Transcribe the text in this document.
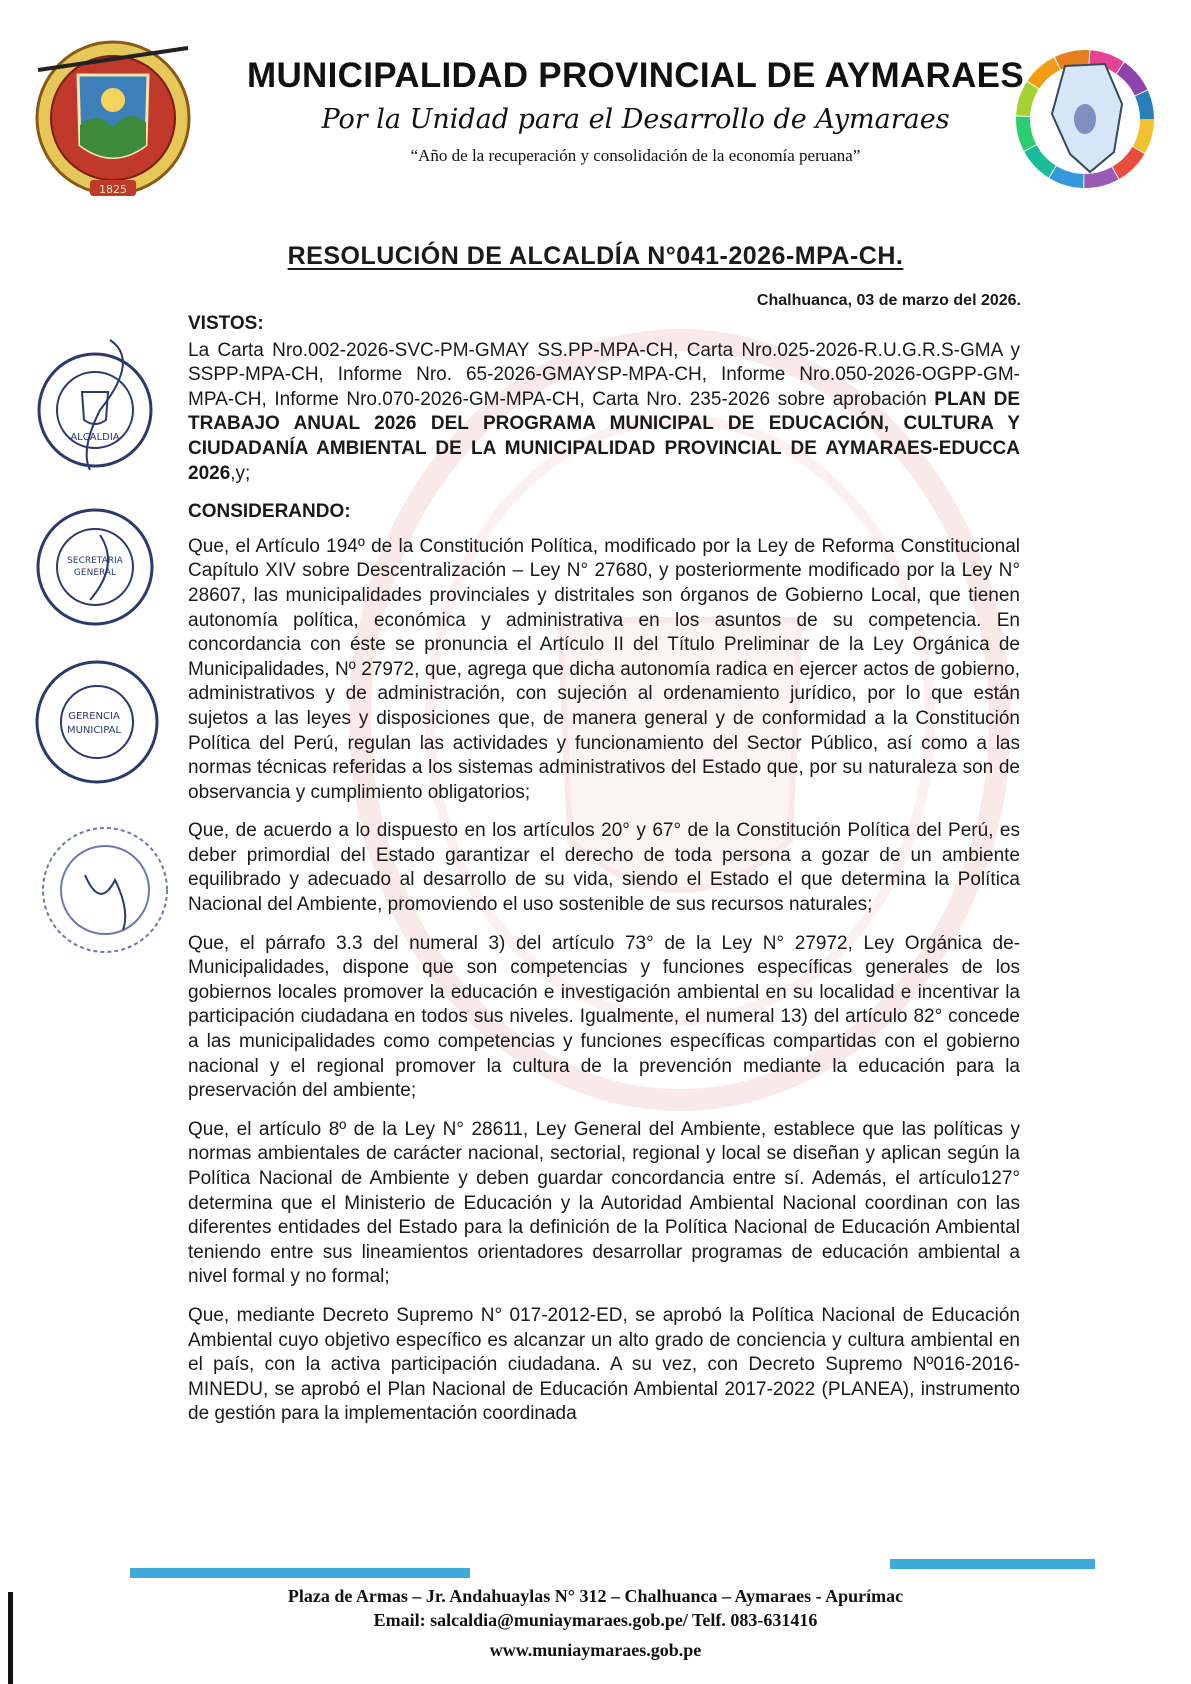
1825
MUNICIPALIDAD PROVINCIAL DE AYMARAES
Por la Unidad para el Desarrollo de Aymaraes
“Año de la recuperación y consolidación de la economía peruana”
RESOLUCIÓN DE ALCALDÍA N°041-2026-MPA-CH.
Chalhuanca, 03 de marzo del 2026.
ALCALDIA
SECRETARIA
GENERAL
GERENCIA
MUNICIPAL
VISTOS:

La Carta Nro.002-2026-SVC-PM-GMAY SS.PP-MPA-CH, Carta Nro.025-2026-R.U.G.R.S-GMA y SSPP-MPA-CH, Informe Nro. 65-2026-GMAYSP-MPA-CH, Informe Nro.050-2026-OGPP-GM-MPA-CH, Informe Nro.070-2026-GM-MPA-CH, Carta Nro. 235-2026 sobre aprobación PLAN DE TRABAJO ANUAL 2026 DEL PROGRAMA MUNICIPAL DE EDUCACIÓN, CULTURA Y CIUDADANÍA AMBIENTAL DE LA MUNICIPALIDAD PROVINCIAL DE AYMARAES-EDUCCA 2026,y;

CONSIDERANDO:

Que, el Artículo 194º de la Constitución Política, modificado por la Ley de Reforma Constitucional Capítulo XIV sobre Descentralización – Ley N° 27680, y posteriormente modificado por la Ley N° 28607, las municipalidades provinciales y distritales son órganos de Gobierno Local, que tienen autonomía política, económica y administrativa en los asuntos de su competencia. En concordancia con éste se pronuncia el Artículo II del Título Preliminar de la Ley Orgánica de Municipalidades, Nº 27972, que, agrega que dicha autonomía radica en ejercer actos de gobierno, administrativos y de administración, con sujeción al ordenamiento jurídico, por lo que están sujetos a las leyes y disposiciones que, de manera general y de conformidad a la Constitución Política del Perú, regulan las actividades y funcionamiento del Sector Público, así como a las normas técnicas referidas a los sistemas administrativos del Estado que, por su naturaleza son de observancia y cumplimiento obligatorios;

Que, de acuerdo a lo dispuesto en los artículos 20° y 67° de la Constitución Política del Perú, es deber primordial del Estado garantizar el derecho de toda persona a gozar de un ambiente equilibrado y adecuado al desarrollo de su vida, siendo el Estado el que determina la Política Nacional del Ambiente, promoviendo el uso sostenible de sus recursos naturales;

Que, el párrafo 3.3 del numeral 3) del artículo 73° de la Ley N° 27972, Ley Orgánica de-Municipalidades, dispone que son competencias y funciones específicas generales de los gobiernos locales promover la educación e investigación ambiental en su localidad e incentivar la participación ciudadana en todos sus niveles. Igualmente, el numeral 13) del artículo 82° concede a las municipalidades como competencias y funciones específicas compartidas con el gobierno nacional y el regional promover la cultura de la prevención mediante la educación para la preservación del ambiente;

Que, el artículo 8º de la Ley N° 28611, Ley General del Ambiente, establece que las políticas y normas ambientales de carácter nacional, sectorial, regional y local se diseñan y aplican según la Política Nacional de Ambiente y deben guardar concordancia entre sí. Además, el artículo127° determina que el Ministerio de Educación y la Autoridad Ambiental Nacional coordinan con las diferentes entidades del Estado para la definición de la Política Nacional de Educación Ambiental teniendo entre sus lineamientos orientadores desarrollar programas de educación ambiental a nivel formal y no formal;

Que, mediante Decreto Supremo N° 017-2012-ED, se aprobó la Política Nacional de Educación Ambiental cuyo objetivo específico es alcanzar un alto grado de conciencia y cultura ambiental en el país, con la activa participación ciudadana. A su vez, con Decreto Supremo Nº016-2016-MINEDU, se aprobó el Plan Nacional de Educación Ambiental 2017-2022 (PLANEA), instrumento de gestión para la implementación coordinada

Plaza de Armas – Jr. Andahuaylas N° 312 – Chalhuanca – Aymaraes - Apurímac
Email: salcaldia@muniaymaraes.gob.pe/ Telf. 083-631416
www.muniaymaraes.gob.pe
